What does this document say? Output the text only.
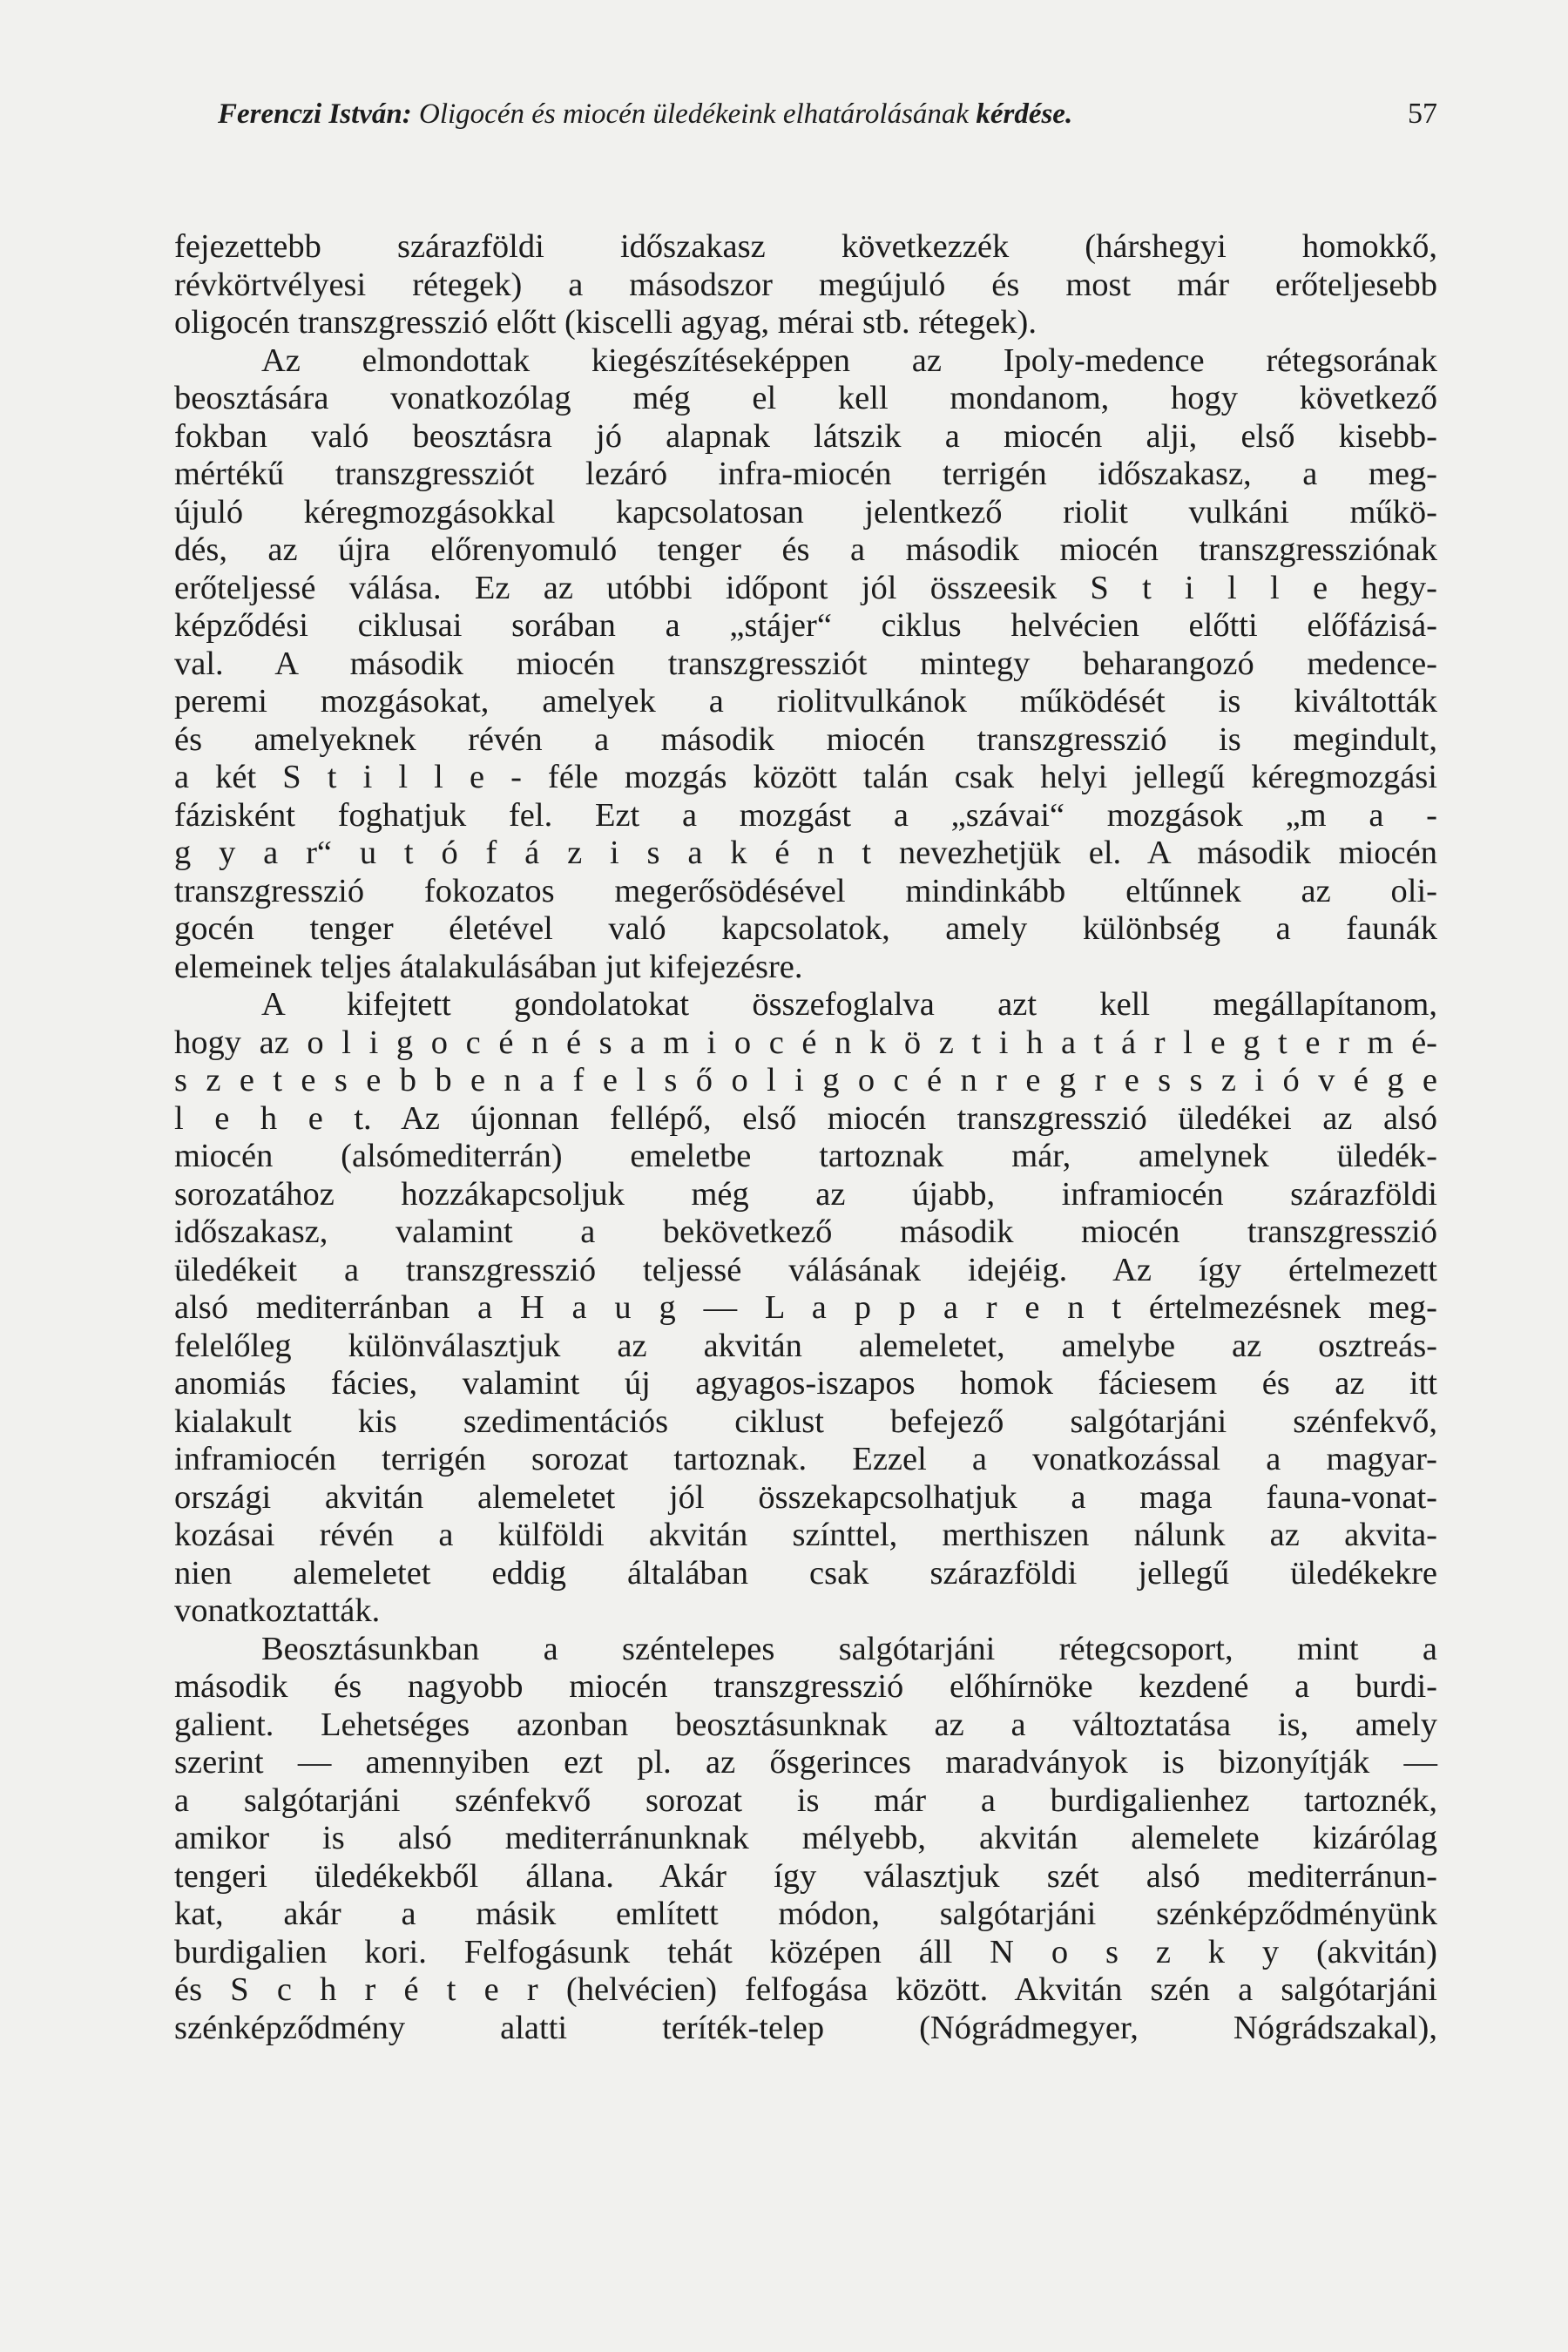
Ferenczi István: Oligocén és miocén üledékeink elhatárolásának kérdése.	57
fejezettebb szárazföldi időszakasz következzék (hárshegyi homokkő,
révkörtvélyesi rétegek) a másodszor megújuló és most már erőteljesebb
oligocén transzgresszió előtt (kiscelli agyag, mérai stb. rétegek).
Az elmondottak kiegészítéseképpen az Ipoly-medence rétegsorának
beosztására vonatkozólag még el kell mondanom, hogy következő
fokban való beosztásra jó alapnak látszik a miocén alji, első kisebb-
mértékű transzgressziót lezáró infra-miocén terrigén időszakasz, a meg-
újuló kéregmozgásokkal kapcsolatosan jelentkező riolit vulkáni műkö-
dés, az újra előrenyomuló tenger és a második miocén transzgressziónak
erőteljessé válása. Ez az utóbbi időpont jól összeesik S t i l l e hegy-
képződési ciklusai sorában a „stájer“ ciklus helvécien előtti előfázisá-
val. A második miocén transzgressziót mintegy beharangozó medence-
peremi mozgásokat, amelyek a riolitvulkánok működését is kiváltották
és amelyeknek révén a második miocén transzgresszió is megindult,
a két S t i l l e - féle mozgás között talán csak helyi jellegű kéregmozgási
fázisként foghatjuk fel. Ezt a mozgást a „szávai“ mozgások „m a -
g y a r“ u t ó f á z i s a k é n t nevezhetjük el. A második miocén
transzgresszió fokozatos megerősödésével mindinkább eltűnnek az oli-
gocén tenger életével való kapcsolatok, amely különbség a faunák
elemeinek teljes átalakulásában jut kifejezésre.
A kifejtett gondolatokat összefoglalva azt kell megállapítanom,
hogy az o l i g o c é n é s a m i o c é n k ö z t i h a t á r l e g t e r m é-
s z e t e s e b b e n a f e l s ő o l i g o c é n r e g r e s s z i ó v é g e
l e h e t. Az újonnan fellépő, első miocén transzgresszió üledékei az alsó
miocén (alsómediterrán) emeletbe tartoznak már, amelynek üledék-
sorozatához hozzákapcsoljuk még az újabb, inframiocén szárazföldi
időszakasz, valamint a bekövetkező második miocén transzgresszió
üledékeit a transzgresszió teljessé válásának idejéig. Az így értelmezett
alsó mediterránban a H a u g — L a p p a r e n t értelmezésnek meg-
felelőleg különválasztjuk az akvitán alemeletet, amelybe az osztreás-
anomiás fácies, valamint új agyagos-iszapos homok fáciesem és az itt
kialakult kis szedimentációs ciklust befejező salgótarjáni szénfekvő,
inframiocén terrigén sorozat tartoznak. Ezzel a vonatkozással a magyar-
országi akvitán alemeletet jól összekapcsolhatjuk a maga fauna-vonat-
kozásai révén a külföldi akvitán színttel, merthiszen nálunk az akvita-
nien alemeletet eddig általában csak szárazföldi jellegű üledékekre
vonatkoztatták.
Beosztásunkban a széntelepes salgótarjáni rétegcsoport, mint a
második és nagyobb miocén transzgresszió előhírnöke kezdené a burdi-
galient. Lehetséges azonban beosztásunknak az a változtatása is, amely
szerint — amennyiben ezt pl. az ősgerinces maradványok is bizonyítják —
a salgótarjáni szénfekvő sorozat is már a burdigalienhez tartoznék,
amikor is alsó mediterránunknak mélyebb, akvitán alemelete kizárólag
tengeri üledékekből állana. Akár így választjuk szét alsó mediterránun-
kat, akár a másik említett módon, salgótarjáni szénképződményünk
burdigalien kori. Felfogásunk tehát középen áll N o s z k y (akvitán)
és S c h r é t e r (helvécien) felfogása között. Akvitán szén a salgótarjáni
szénképződmény alatti teríték-telep (Nógrádmegyer, Nógrádszakal),
